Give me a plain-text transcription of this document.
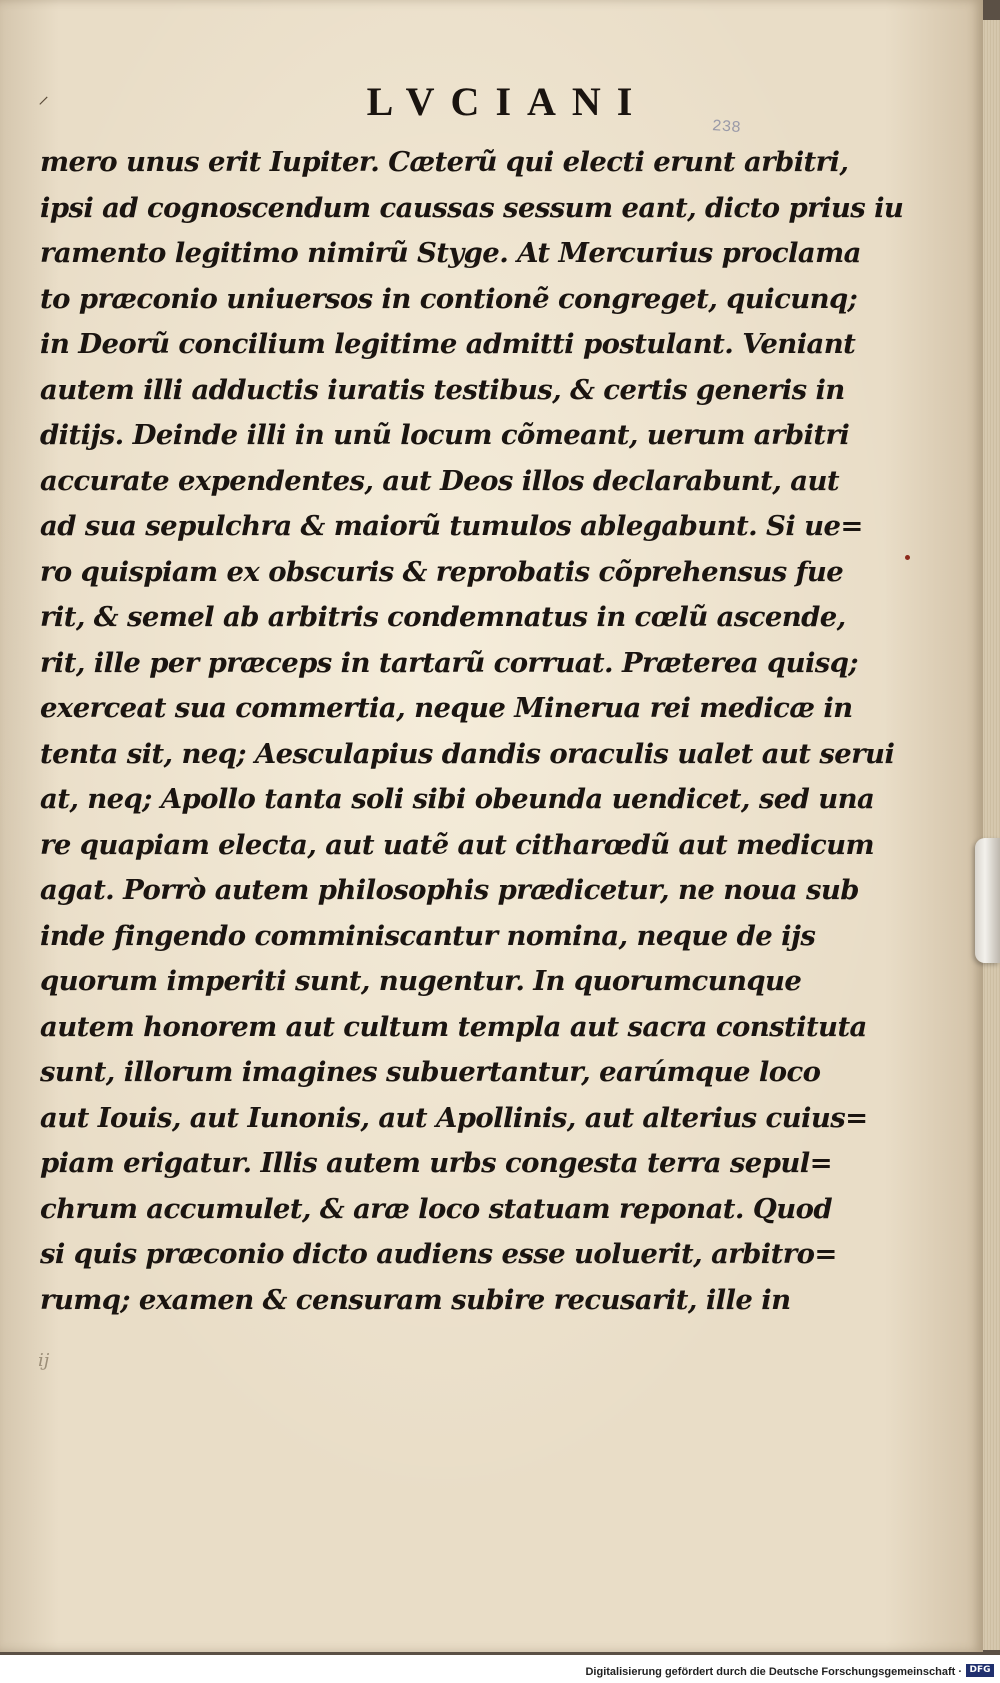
⸝	LVCIANI
238
mero unus erit Iupiter. Cæterũ qui electi erunt arbitri,
ipsi ad cognoscendum caussas sessum eant, dicto prius iu
ramento legitimo nimirũ Styge. At Mercurius proclama
to præconio uniuersos in contionẽ congreget, quicunq;
in Deorũ concilium legitime admitti postulant. Veniant
autem illi adductis iuratis testibus, & certis generis in
ditijs. Deinde illi in unũ locum cõmeant, uerum arbitri
accurate expendentes, aut Deos illos declarabunt, aut
ad sua sepulchra & maiorũ tumulos ablegabunt. Si ue=
ro quispiam ex obscuris & reprobatis cõprehensus fue
rit, & semel ab arbitris condemnatus in cœlũ ascende,
rit, ille per præceps in tartarũ corruat. Præterea quisq;
exerceat sua commertia, neque Minerua rei medicæ in
tenta sit, neq; Aesculapius dandis oraculis ualet aut serui
at, neq; Apollo tanta soli sibi obeunda uendicet, sed una
re quapiam electa, aut uatẽ aut citharœdũ aut medicum
agat. Porrò autem philosophis prædicetur, ne noua sub
inde fingendo comminiscantur nomina, neque de ijs
quorum imperiti sunt, nugentur. In quorumcunque
autem honorem aut cultum templa aut sacra constituta
sunt, illorum imagines subuertantur, earúmque loco
aut Iouis, aut Iunonis, aut Apollinis, aut alterius cuius=
piam erigatur. Illis autem urbs congesta terra sepul=
chrum accumulet, & aræ loco statuam reponat. Quod
si quis præconio dicto audiens esse uoluerit, arbitro=
rumq; examen & censuram subire recusarit, ille in
ij
Digitalisierung gefördert durch die Deutsche Forschungsgemeinschaft · DFG
